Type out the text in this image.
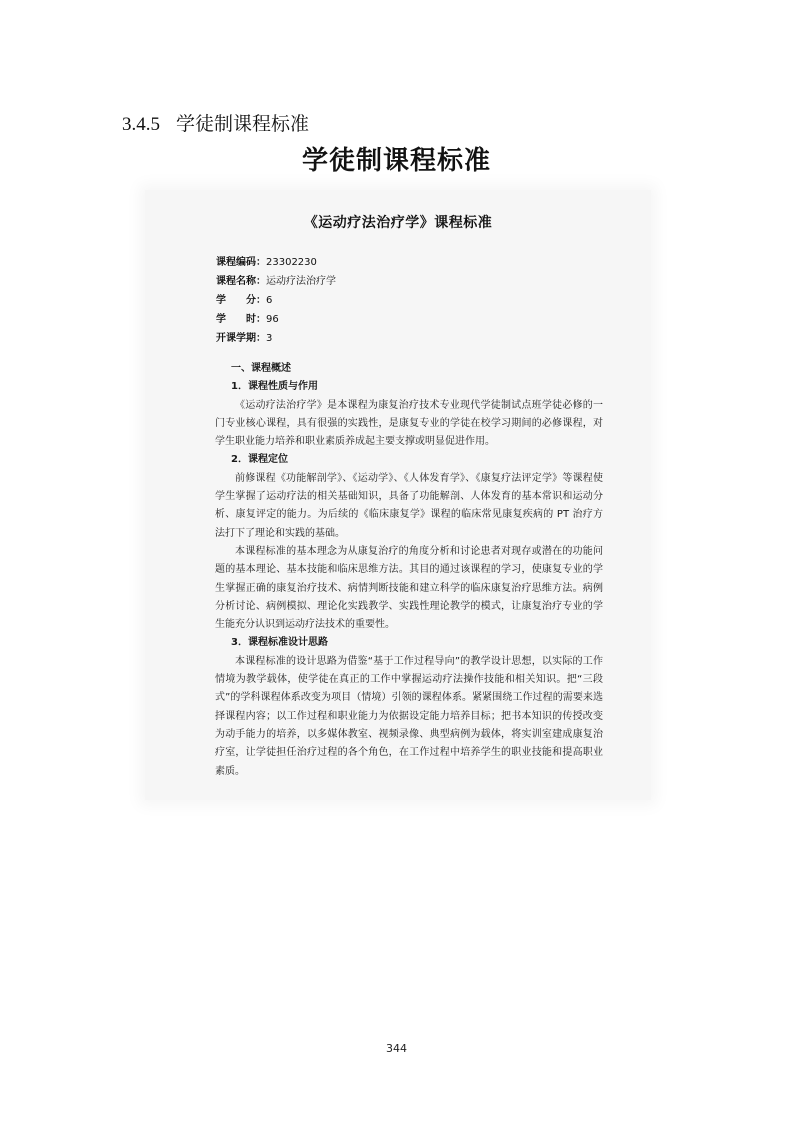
3.4.5 学徒制课程标准
学徒制课程标准
《运动疗法治疗学》课程标准
课程编码：23302230
课程名称：运动疗法治疗学
学　　分：6
学　　时：96
开课学期：3

一、课程概述

1．课程性质与作用

《运动疗法治疗学》是本课程为康复治疗技术专业现代学徒制试点班学徒必修的一门专业核心课程，具有很强的实践性，是康复专业的学徒在校学习期间的必修课程，对学生职业能力培养和职业素质养成起主要支撑或明显促进作用。

2．课程定位

前修课程《功能解剖学》、《运动学》、《人体发育学》、《康复疗法评定学》等课程使学生掌握了运动疗法的相关基础知识，具备了功能解剖、人体发育的基本常识和运动分析、康复评定的能力。为后续的《临床康复学》课程的临床常见康复疾病的 PT 治疗方法打下了理论和实践的基础。

本课程标准的基本理念为从康复治疗的角度分析和讨论患者对现存或潜在的功能问题的基本理论、基本技能和临床思维方法。其目的通过该课程的学习，使康复专业的学生掌握正确的康复治疗技术、病情判断技能和建立科学的临床康复治疗思维方法。病例分析讨论、病例模拟、理论化实践教学、实践性理论教学的模式，让康复治疗专业的学生能充分认识到运动疗法技术的重要性。

3．课程标准设计思路

本课程标准的设计思路为借鉴“基于工作过程导向”的教学设计思想，以实际的工作情境为教学载体，使学徒在真正的工作中掌握运动疗法操作技能和相关知识。把“三段式”的学科课程体系改变为项目（情境）引领的课程体系。紧紧围绕工作过程的需要来选择课程内容；以工作过程和职业能力为依据设定能力培养目标；把书本知识的传授改变为动手能力的培养，以多媒体教室、视频录像、典型病例为载体，将实训室建成康复治疗室，让学徒担任治疗过程的各个角色，在工作过程中培养学生的职业技能和提高职业素质。

344
